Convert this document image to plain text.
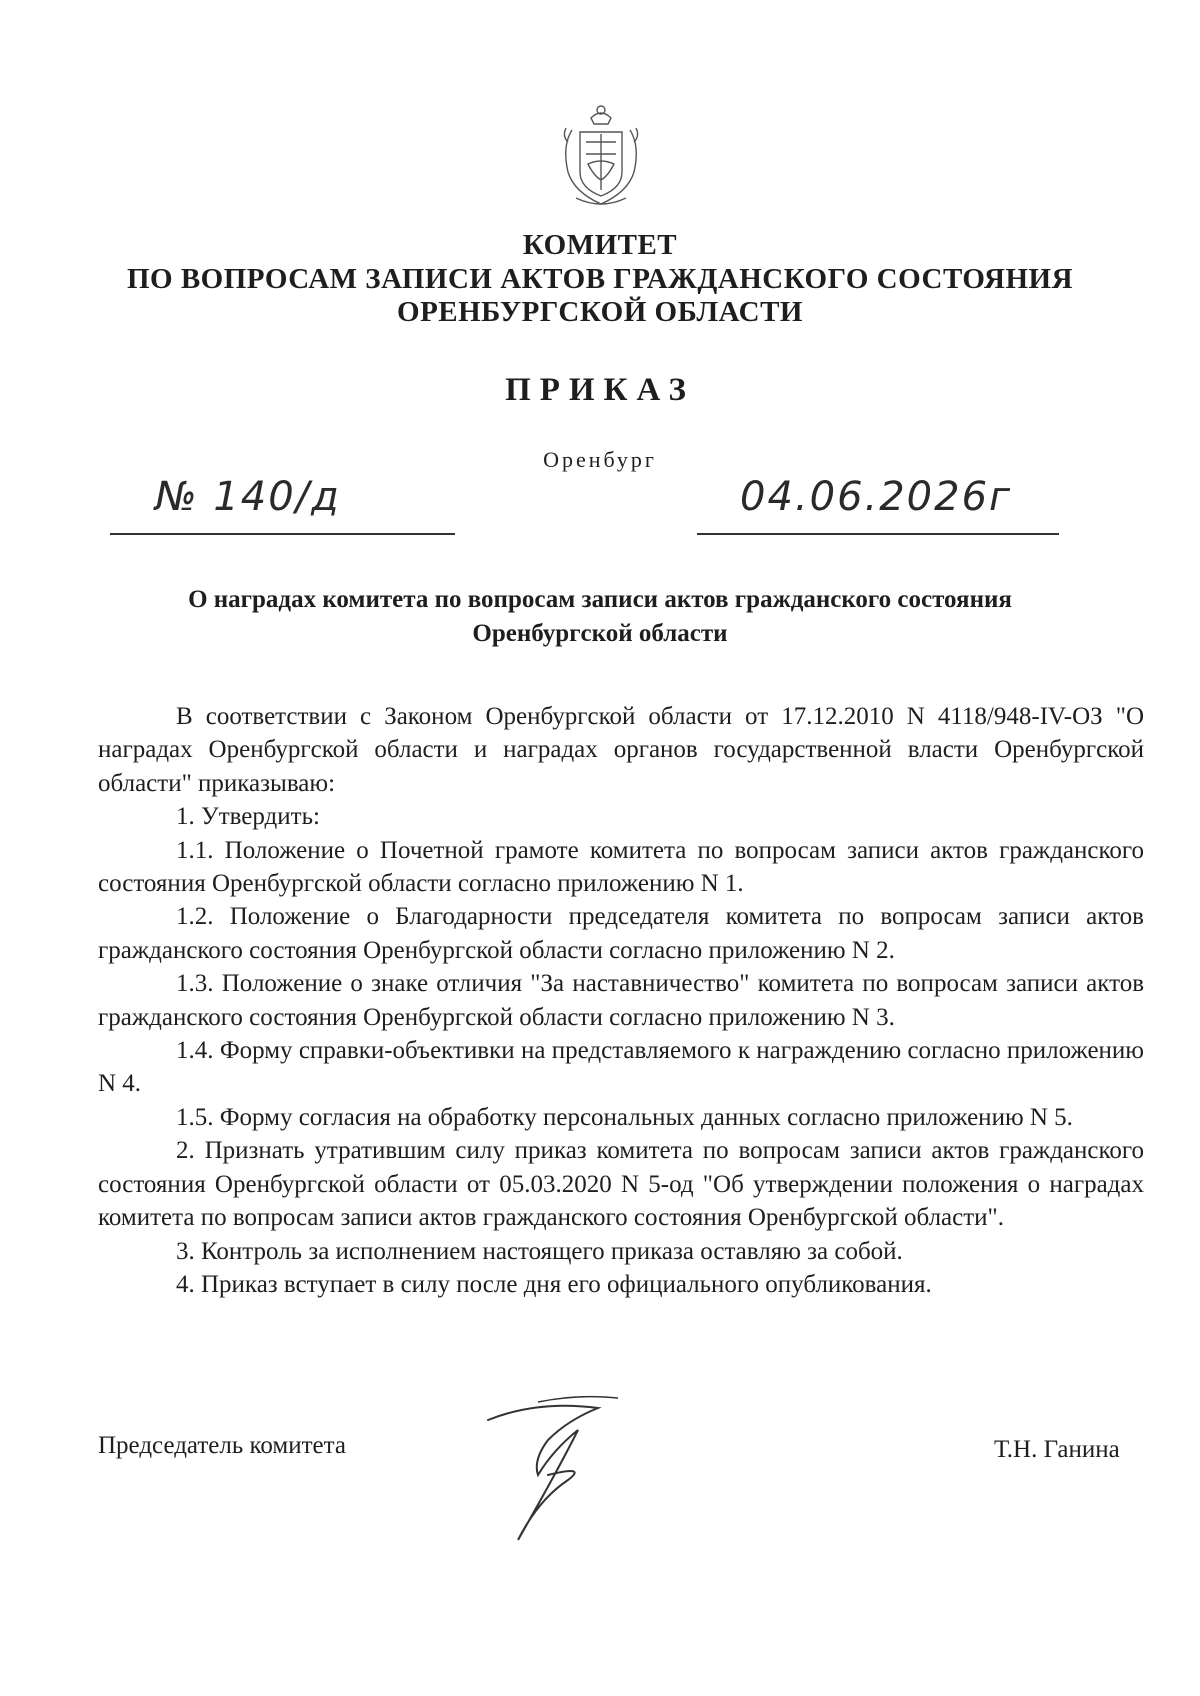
КОМИТЕТ
ПО ВОПРОСАМ ЗАПИСИ АКТОВ ГРАЖДАНСКОГО СОСТОЯНИЯ
ОРЕНБУРГСКОЙ ОБЛАСТИ
ПРИКАЗ
Оренбург
№ 140/д	04.06.2026г
О наградах комитета по вопросам записи актов гражданского состояния
Оренбургской области

В соответствии с Законом Оренбургской области от 17.12.2010 N 4118/948-IV-ОЗ "О наградах Оренбургской области и наградах органов государственной власти Оренбургской области" приказываю:

1. Утвердить:

1.1. Положение о Почетной грамоте комитета по вопросам записи актов гражданского состояния Оренбургской области согласно приложению N 1.

1.2. Положение о Благодарности председателя комитета по вопросам записи актов гражданского состояния Оренбургской области согласно приложению N 2.

1.3. Положение о знаке отличия "За наставничество" комитета по вопросам записи актов гражданского состояния Оренбургской области согласно приложению N 3.

1.4. Форму справки-объективки на представляемого к награждению согласно приложению N 4.

1.5. Форму согласия на обработку персональных данных согласно приложению N 5.

2. Признать утратившим силу приказ комитета по вопросам записи актов гражданского состояния Оренбургской области от 05.03.2020 N 5-од "Об утверждении положения о наградах комитета по вопросам записи актов гражданского состояния Оренбургской области".

3. Контроль за исполнением настоящего приказа оставляю за собой.

4. Приказ вступает в силу после дня его официального опубликования.

Председатель комитета	Т.Н. Ганина
